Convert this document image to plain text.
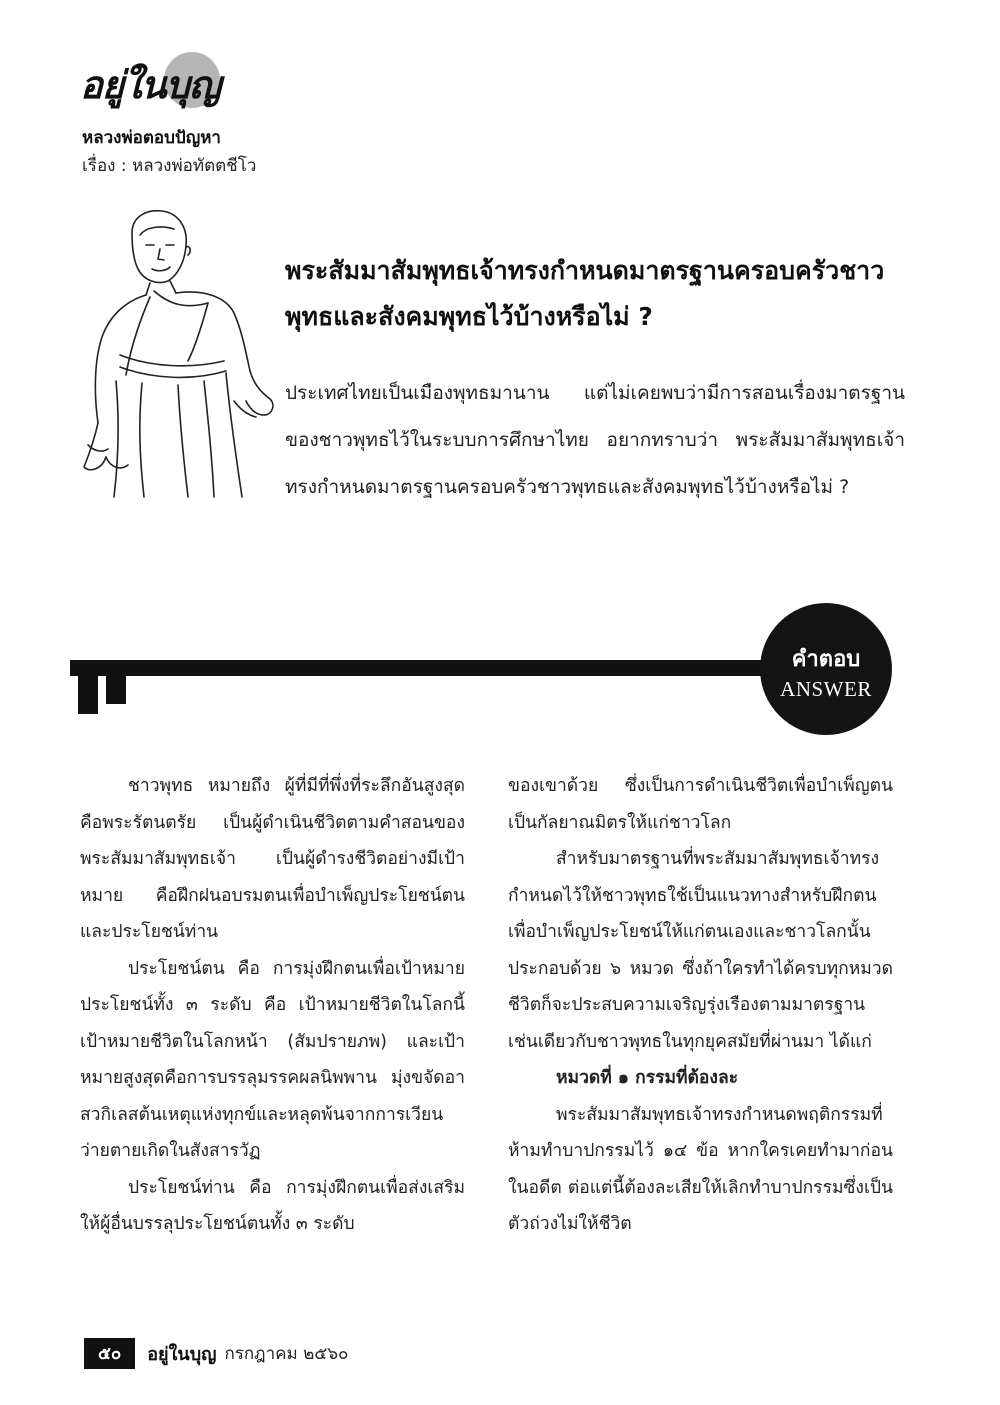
อยู่ในบุญ
หลวงพ่อตอบปัญหา
เรื่อง : หลวงพ่อทัตตชีโว
พระสัมมาสัมพุทธเจ้าทรงกำหนดมาตรฐานครอบครัวชาวพุทธและสังคมพุทธไว้บ้างหรือไม่ ?
ประเทศไทยเป็นเมืองพุทธมานาน แต่ไม่เคยพบว่ามีการสอนเรื่องมาตรฐานของชาวพุทธไว้ในระบบการศึกษาไทย อยากทราบว่า พระสัมมาสัมพุทธเจ้าทรงกำหนดมาตรฐานครอบครัวชาวพุทธและสังคมพุทธไว้บ้างหรือไม่ ?
คำตอบ
ANSWER

ชาวพุทธ หมายถึง ผู้ที่มีที่พึ่งที่ระลึกอันสูงสุดคือพระรัตนตรัย เป็นผู้ดำเนินชีวิตตามคำสอนของพระสัมมาสัมพุทธเจ้า เป็นผู้ดำรงชีวิตอย่างมีเป้าหมาย คือฝึกฝนอบรมตนเพื่อบำเพ็ญประโยชน์ตนและประโยชน์ท่าน

ประโยชน์ตน คือ การมุ่งฝึกตนเพื่อเป้าหมายประโยชน์ทั้ง ๓ ระดับ คือ เป้าหมายชีวิตในโลกนี้ เป้าหมายชีวิตในโลกหน้า (สัมปรายภพ) และเป้าหมายสูงสุดคือการบรรลุมรรคผลนิพพาน มุ่งขจัดอาสวกิเลสต้นเหตุแห่งทุกข์และหลุดพ้นจากการเวียนว่ายตายเกิดในสังสารวัฏ

ประโยชน์ท่าน คือ การมุ่งฝึกตนเพื่อส่งเสริมให้ผู้อื่นบรรลุประโยชน์ตนทั้ง ๓ ระดับ

ของเขาด้วย ซึ่งเป็นการดำเนินชีวิตเพื่อบำเพ็ญตนเป็นกัลยาณมิตรให้แก่ชาวโลก

สำหรับมาตรฐานที่พระสัมมาสัมพุทธเจ้าทรงกำหนดไว้ให้ชาวพุทธใช้เป็นแนวทางสำหรับฝึกตนเพื่อบำเพ็ญประโยชน์ให้แก่ตนเองและชาวโลกนั้น ประกอบด้วย ๖ หมวด ซึ่งถ้าใครทำได้ครบทุกหมวด ชีวิตก็จะประสบความเจริญรุ่งเรืองตามมาตรฐานเช่นเดียวกับชาวพุทธในทุกยุคสมัยที่ผ่านมา ได้แก่

หมวดที่ ๑ กรรมที่ต้องละ

พระสัมมาสัมพุทธเจ้าทรงกำหนดพฤติกรรมที่ห้ามทำบาปกรรมไว้ ๑๔ ข้อ หากใครเคยทำมาก่อนในอดีต ต่อแต่นี้ต้องละเสียให้เลิกทำบาปกรรมซึ่งเป็นตัวถ่วงไม่ให้ชีวิต

๕๐	อยู่ในบุญ กรกฎาคม ๒๕๖๐
